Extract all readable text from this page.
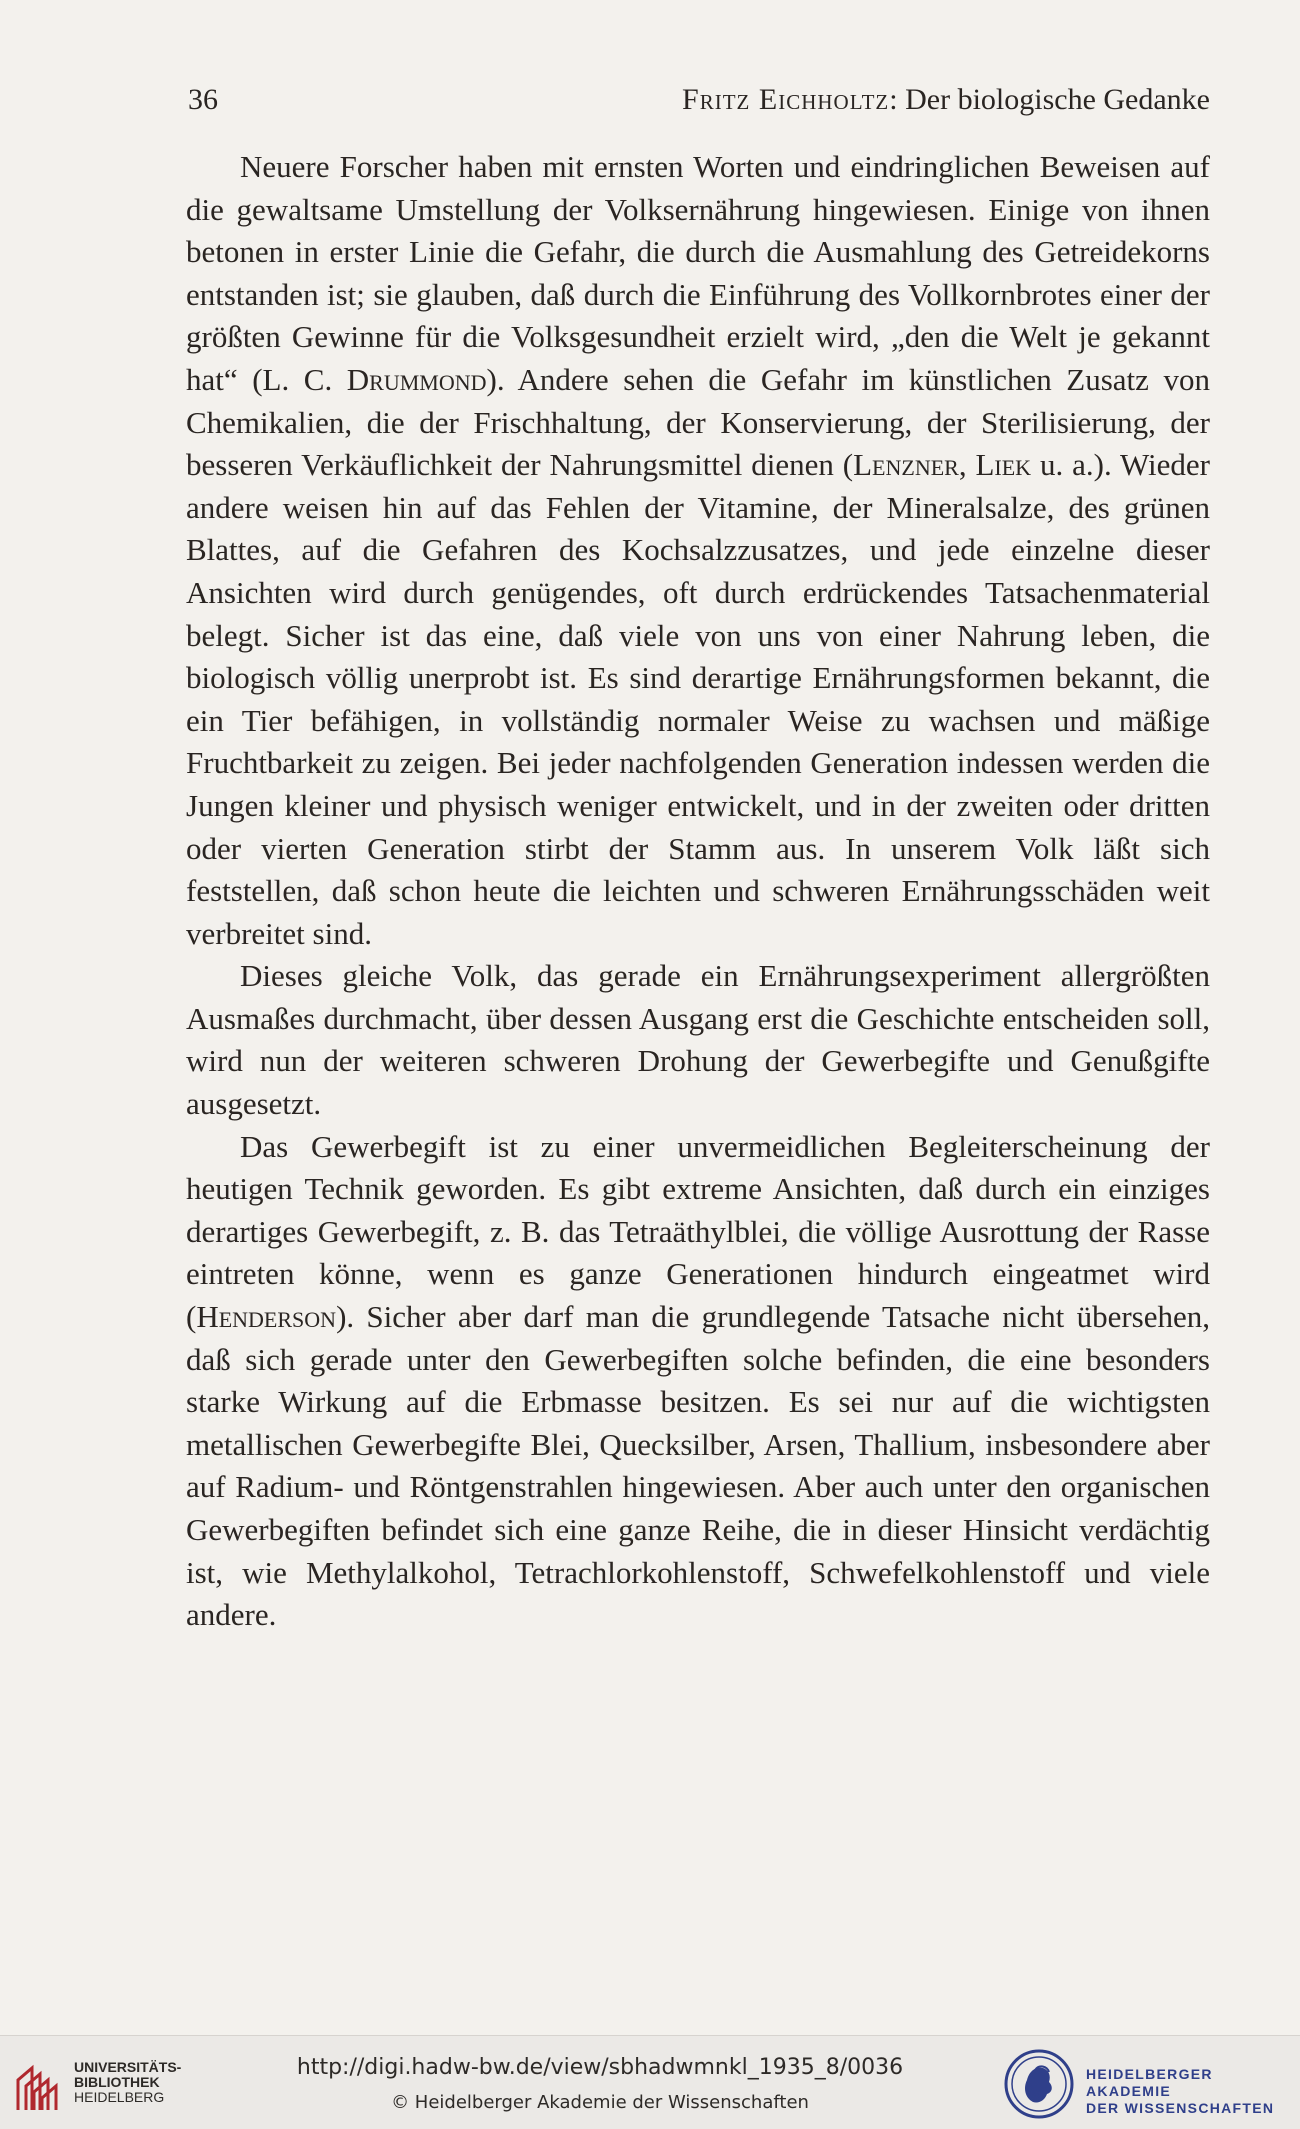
36	Fritz Eichholtz: Der biologische Gedanke

Neuere Forscher haben mit ernsten Worten und eindringlichen Beweisen auf die gewaltsame Umstellung der Volksernährung hingewiesen. Einige von ihnen betonen in erster Linie die Gefahr, die durch die Ausmahlung des Getreidekorns entstanden ist; sie glauben, daß durch die Einführung des Vollkornbrotes einer der größten Gewinne für die Volksgesundheit erzielt wird, „den die Welt je gekannt hat“ (L. C. Drummond). Andere sehen die Gefahr im künstlichen Zusatz von Chemikalien, die der Frischhaltung, der Konservierung, der Sterilisierung, der besseren Verkäuflichkeit der Nahrungsmittel dienen (Lenzner, Liek u. a.). Wieder andere weisen hin auf das Fehlen der Vitamine, der Mineralsalze, des grünen Blattes, auf die Gefahren des Kochsalzzusatzes, und jede einzelne dieser Ansichten wird durch genügendes, oft durch erdrückendes Tatsachenmaterial belegt. Sicher ist das eine, daß viele von uns von einer Nahrung leben, die biologisch völlig unerprobt ist. Es sind derartige Ernährungsformen bekannt, die ein Tier befähigen, in vollständig normaler Weise zu wachsen und mäßige Fruchtbarkeit zu zeigen. Bei jeder nachfolgenden Generation indessen werden die Jungen kleiner und physisch weniger entwickelt, und in der zweiten oder dritten oder vierten Generation stirbt der Stamm aus. In unserem Volk läßt sich feststellen, daß schon heute die leichten und schweren Ernährungsschäden weit verbreitet sind.

Dieses gleiche Volk, das gerade ein Ernährungsexperiment allergrößten Ausmaßes durchmacht, über dessen Ausgang erst die Geschichte entscheiden soll, wird nun der weiteren schweren Drohung der Gewerbegifte und Genußgifte ausgesetzt.

Das Gewerbegift ist zu einer unvermeidlichen Begleiterscheinung der heutigen Technik geworden. Es gibt extreme Ansichten, daß durch ein einziges derartiges Gewerbegift, z. B. das Tetraäthylblei, die völlige Ausrottung der Rasse eintreten könne, wenn es ganze Generationen hindurch eingeatmet wird (Henderson). Sicher aber darf man die grundlegende Tatsache nicht übersehen, daß sich gerade unter den Gewerbegiften solche befinden, die eine besonders starke Wirkung auf die Erbmasse besitzen. Es sei nur auf die wichtigsten metallischen Gewerbegifte Blei, Quecksilber, Arsen, Thallium, insbesondere aber auf Radium- und Röntgenstrahlen hingewiesen. Aber auch unter den organischen Gewerbegiften befindet sich eine ganze Reihe, die in dieser Hinsicht verdächtig ist, wie Methylalkohol, Tetrachlorkohlenstoff, Schwefelkohlenstoff und viele andere.

UNIVERSITÄTS-
BIBLIOTHEK
HEIDELBERG
http://digi.hadw-bw.de/view/sbhadwmnkl_1935_8/0036
© Heidelberger Akademie der Wissenschaften
HEIDELBERGER AKADEMIE
DER WISSENSCHAFTEN
